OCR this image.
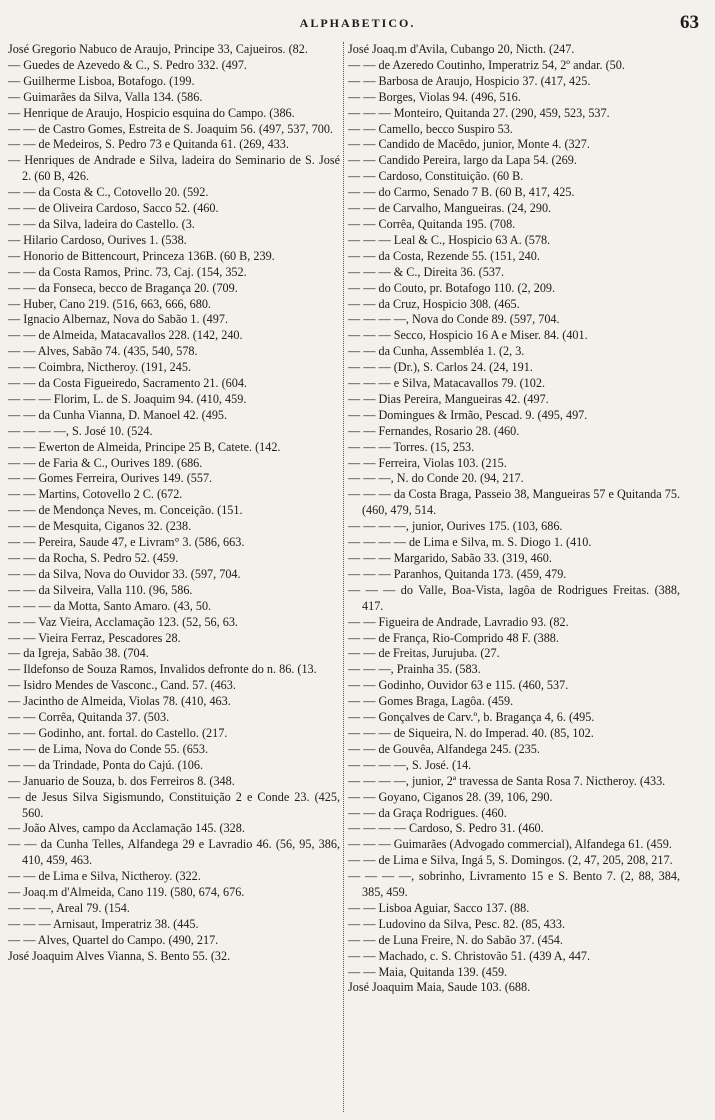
ALPHABETICO.	63

José Gregorio Nabuco de Araujo, Principe 33, Cajueiros. (82.

— Guedes de Azevedo & C., S. Pedro 332. (497.

— Guilherme Lisboa, Botafogo. (199.

— Guimarães da Silva, Valla 134. (586.

— Henrique de Araujo, Hospicio esquina do Campo. (386.

— — de Castro Gomes, Estreita de S. Joaquim 56. (497, 537, 700.

— — de Medeiros, S. Pedro 73 e Quitanda 61. (269, 433.

— Henriques de Andrade e Silva, ladeira do Seminario de S. José 2. (60 B, 426.

— — da Costa & C., Cotovello 20. (592.

— — de Oliveira Cardoso, Sacco 52. (460.

— — da Silva, ladeira do Castello. (3.

— Hilario Cardoso, Ourives 1. (538.

— Honorio de Bittencourt, Princeza 136B. (60 B, 239.

— — da Costa Ramos, Princ. 73, Caj. (154, 352.

— — da Fonseca, becco de Bragança 20. (709.

— Huber, Cano 219. (516, 663, 666, 680.

— Ignacio Albernaz, Nova do Sabão 1. (497.

— — de Almeida, Matacavallos 228. (142, 240.

— — Alves, Sabão 74. (435, 540, 578.

— — Coimbra, Nictheroy. (191, 245.

— — da Costa Figueiredo, Sacramento 21. (604.

— — — Florim, L. de S. Joaquim 94. (410, 459.

— — da Cunha Vianna, D. Manoel 42. (495.

— — — —, S. José 10. (524.

— — Ewerton de Almeida, Principe 25 B, Catete. (142.

— — de Faria & C., Ourives 189. (686.

— — Gomes Ferreira, Ourives 149. (557.

— — Martins, Cotovello 2 C. (672.

— — de Mendonça Neves, m. Conceição. (151.

— — de Mesquita, Ciganos 32. (238.

— — Pereira, Saude 47, e Livram° 3. (586, 663.

— — da Rocha, S. Pedro 52. (459.

— — da Silva, Nova do Ouvidor 33. (597, 704.

— — da Silveira, Valla 110. (96, 586.

— — — da Motta, Santo Amaro. (43, 50.

— — Vaz Vieira, Acclamação 123. (52, 56, 63.

— — Vieira Ferraz, Pescadores 28.

— da Igreja, Sabão 38. (704.

— Ildefonso de Souza Ramos, Invalidos defronte do n. 86. (13.

— Isidro Mendes de Vasconc., Cand. 57. (463.

— Jacintho de Almeida, Violas 78. (410, 463.

— — Corrêa, Quitanda 37. (503.

— — Godinho, ant. fortal. do Castello. (217.

— — de Lima, Nova do Conde 55. (653.

— — da Trindade, Ponta do Cajú. (106.

— Januario de Souza, b. dos Ferreiros 8. (348.

— de Jesus Silva Sigismundo, Constituição 2 e Conde 23. (425, 560.

— João Alves, campo da Acclamação 145. (328.

— — da Cunha Telles, Alfandega 29 e Lavradio 46. (56, 95, 386, 410, 459, 463.

— — de Lima e Silva, Nictheroy. (322.

— Joaq.m d'Almeida, Cano 119. (580, 674, 676.

— — —, Areal 79. (154.

— — — Arnisaut, Imperatriz 38. (445.

— — Alves, Quartel do Campo. (490, 217.

José Joaquim Alves Vianna, S. Bento 55. (32.

José Joaq.m d'Avila, Cubango 20, Nicth. (247.

— — de Azeredo Coutinho, Imperatriz 54, 2º andar. (50.

— — Barbosa de Araujo, Hospicio 37. (417, 425.

— — Borges, Violas 94. (496, 516.

— — — Monteiro, Quitanda 27. (290, 459, 523, 537.

— — Camello, becco Suspiro 53.

— — Candido de Macêdo, junior, Monte 4. (327.

— — Candido Pereira, largo da Lapa 54. (269.

— — Cardoso, Constituição. (60 B.

— — do Carmo, Senado 7 B. (60 B, 417, 425.

— — de Carvalho, Mangueiras. (24, 290.

— — Corrêa, Quitanda 195. (708.

— — — Leal & C., Hospicio 63 A. (578.

— — da Costa, Rezende 55. (151, 240.

— — — & C., Direita 36. (537.

— — do Couto, pr. Botafogo 110. (2, 209.

— — da Cruz, Hospicio 308. (465.

— — — —, Nova do Conde 89. (597, 704.

— — — Secco, Hospicio 16 A e Miser. 84. (401.

— — da Cunha, Assembléa 1. (2, 3.

— — — (Dr.), S. Carlos 24. (24, 191.

— — — e Silva, Matacavallos 79. (102.

— — Dias Pereira, Mangueiras 42. (497.

— — Domingues & Irmão, Pescad. 9. (495, 497.

— — Fernandes, Rosario 28. (460.

— — — Torres. (15, 253.

— — Ferreira, Violas 103. (215.

— — —, N. do Conde 20. (94, 217.

— — — da Costa Braga, Passeio 38, Mangueiras 57 e Quitanda 75. (460, 479, 514.

— — — —, junior, Ourives 175. (103, 686.

— — — — de Lima e Silva, m. S. Diogo 1. (410.

— — — Margarido, Sabão 33. (319, 460.

— — — Paranhos, Quitanda 173. (459, 479.

— — — do Valle, Boa-Vista, lagôa de Rodrigues Freitas. (388, 417.

— — Figueira de Andrade, Lavradio 93. (82.

— — de França, Rio-Comprido 48 F. (388.

— — de Freitas, Jurujuba. (27.

— — —, Prainha 35. (583.

— — Godinho, Ouvidor 63 e 115. (460, 537.

— — Gomes Braga, Lagôa. (459.

— — Gonçalves de Carv.º, b. Bragança 4, 6. (495.

— — — de Siqueira, N. do Imperad. 40. (85, 102.

— — de Gouvêa, Alfandega 245. (235.

— — — —, S. José. (14.

— — — —, junior, 2ª travessa de Santa Rosa 7. Nictheroy. (433.

— — Goyano, Ciganos 28. (39, 106, 290.

— — da Graça Rodrigues. (460.

— — — — Cardoso, S. Pedro 31. (460.

— — — Guimarães (Advogado commercial), Alfandega 61. (459.

— — de Lima e Silva, Ingá 5, S. Domingos. (2, 47, 205, 208, 217.

— — — —, sobrinho, Livramento 15 e S. Bento 7. (2, 88, 384, 385, 459.

— — Lisboa Aguiar, Sacco 137. (88.

— — Ludovino da Silva, Pesc. 82. (85, 433.

— — de Luna Freire, N. do Sabão 37. (454.

— — Machado, c. S. Christovão 51. (439 A, 447.

— — Maia, Quitanda 139. (459.

José Joaquim Maia, Saude 103. (688.
